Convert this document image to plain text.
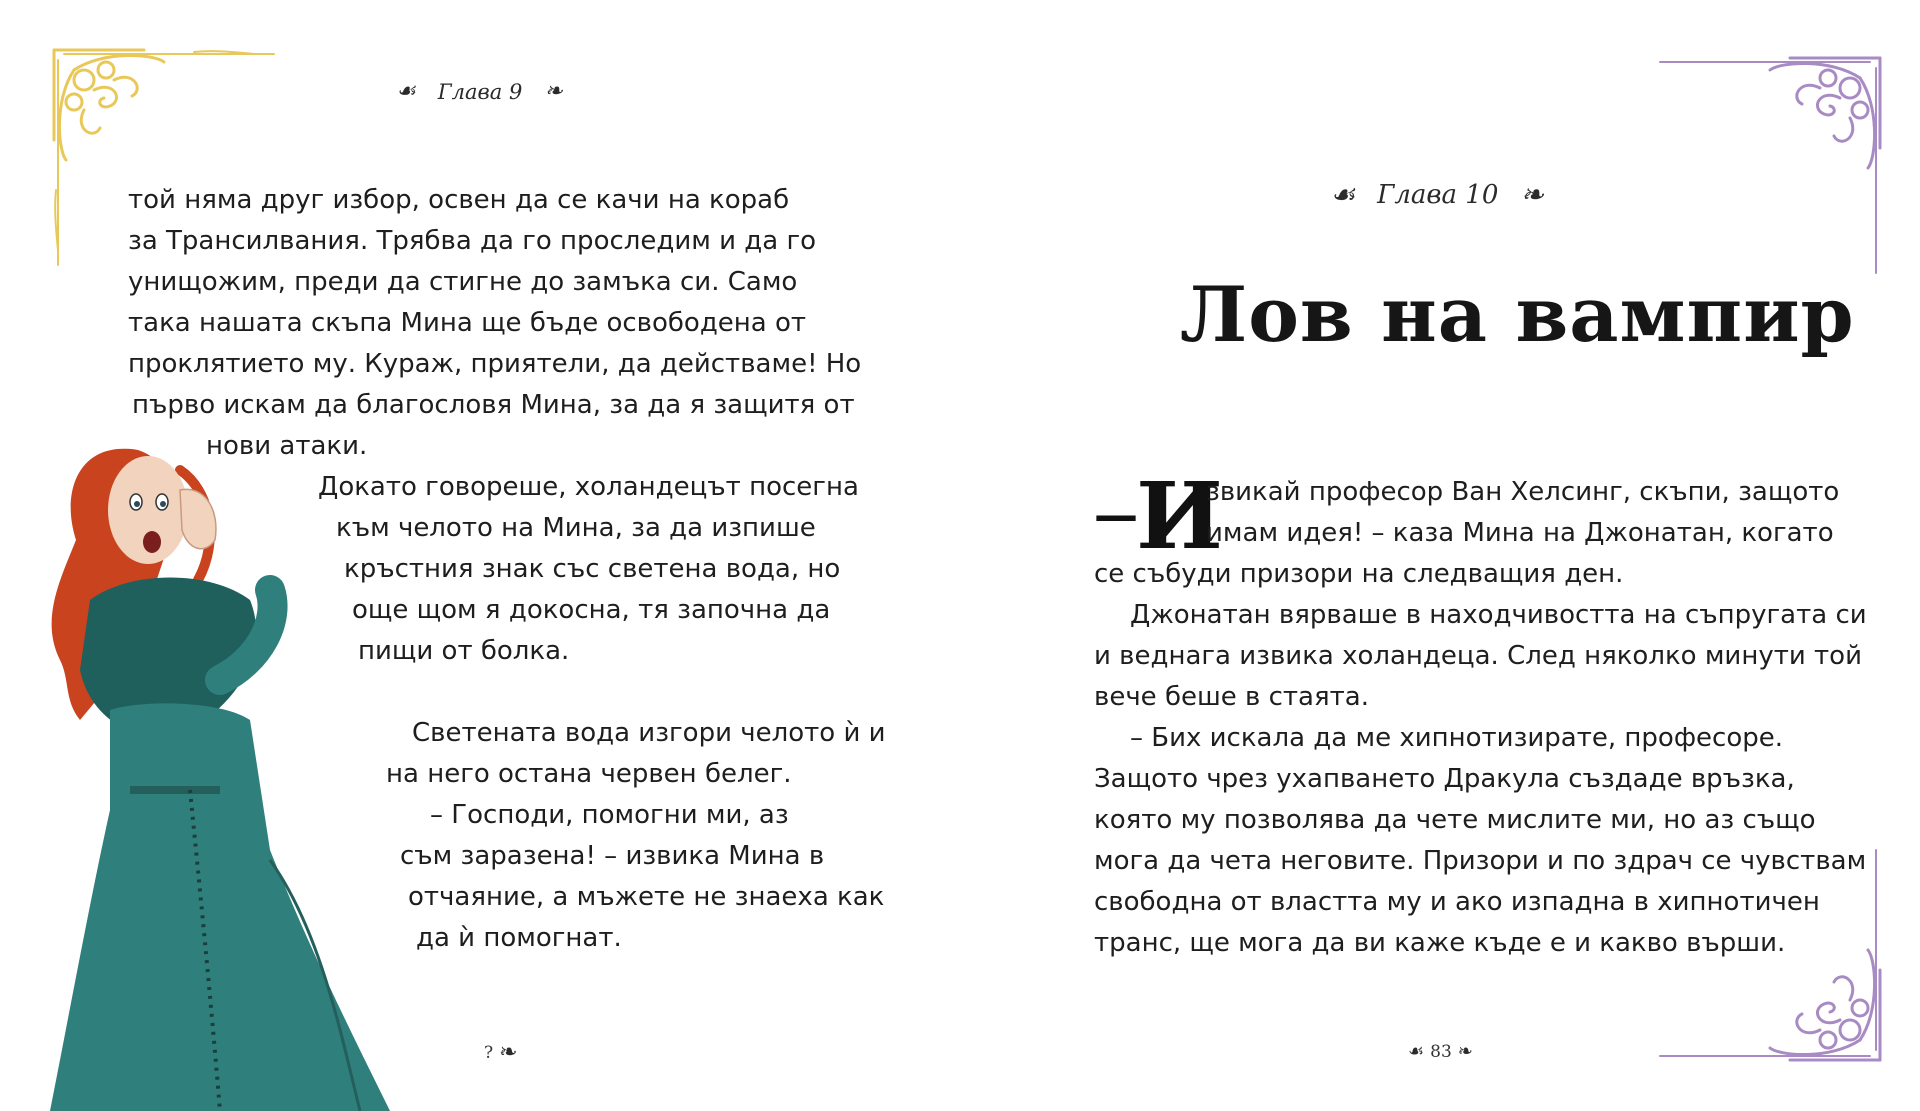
☙ Глава 9 ❧
той няма друг избор, освен да се качи на кораб
за Трансилвания. Трябва да го проследим и да го
унищожим, преди да стигне до замъка си. Само
така нашата скъпа Мина ще бъде освободена от
проклятието му. Кураж, приятели, да действаме! Но
първо искам да благословя Мина, за да я защитя от
нови атаки.
Докато говореше, холандецът посегна
към челото на Мина, за да изпише
кръстния знак със светена вода, но
още щом я докосна, тя започна да
пищи от болка.
Светената вода изгори челото ѝ и
на него остана червен белег.
– Господи, помогни ми, аз
съм заразена! – извика Мина в
отчаяние, а мъжете не знаеха как
да ѝ помогнат.
? ❧
☙ Глава 10 ❧
Лов на вампир
—
И
звикай професор Ван Хелсинг, скъпи, защото
имам идея! – каза Мина на Джонатан, когато
се събуди призори на следващия ден.
Джонатан вярваше в находчивостта на съпругата си
и веднага извика холандеца. След няколко минути той
вече беше в стаята.
– Бих искала да ме хипнотизирате, професоре.
Защото чрез ухапването Дракула създаде връзка,
която му позволява да чете мислите ми, но аз също
мога да чета неговите. Призори и по здрач се чувствам
свободна от властта му и ако изпадна в хипнотичен
транс, ще мога да ви каже къде е и какво върши.
☙ 83 ❧
